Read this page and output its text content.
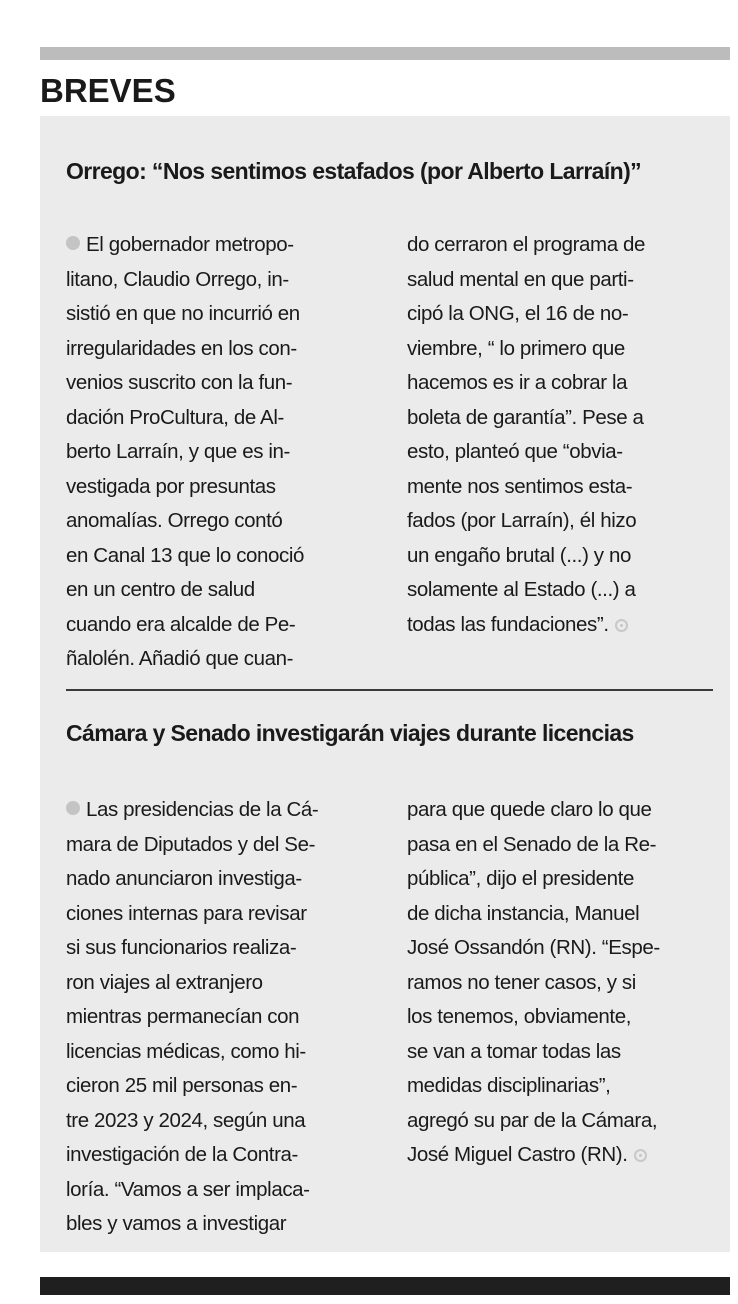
BREVES
Orrego: “Nos sentimos estafados (por Alberto Larraín)”
El gobernador metropo-
litano, Claudio Orrego, in-
sistió en que no incurrió en
irregularidades en los con-
venios suscrito con la fun-
dación ProCultura, de Al-
berto Larraín, y que es in-
vestigada por presuntas
anomalías. Orrego contó
en Canal 13 que lo conoció
en un centro de salud
cuando era alcalde de Pe-
ñalolén. Añadió que cuan-
do cerraron el programa de
salud mental en que parti-
cipó la ONG, el 16 de no-
viembre, “ lo primero que
hacemos es ir a cobrar la
boleta de garantía”. Pese a
esto, planteó que “obvia-
mente nos sentimos esta-
fados (por Larraín), él hizo
un engaño brutal (...) y no
solamente al Estado (...) a
todas las fundaciones”.
Cámara y Senado investigarán viajes durante licencias
Las presidencias de la Cá-
mara de Diputados y del Se-
nado anunciaron investiga-
ciones internas para revisar
si sus funcionarios realiza-
ron viajes al extranjero
mientras permanecían con
licencias médicas, como hi-
cieron 25 mil personas en-
tre 2023 y 2024, según una
investigación de la Contra-
loría. “Vamos a ser implaca-
bles y vamos a investigar
para que quede claro lo que
pasa en el Senado de la Re-
pública”, dijo el presidente
de dicha instancia, Manuel
José Ossandón (RN). “Espe-
ramos no tener casos, y si
los tenemos, obviamente,
se van a tomar todas las
medidas disciplinarias”,
agregó su par de la Cámara,
José Miguel Castro (RN).
